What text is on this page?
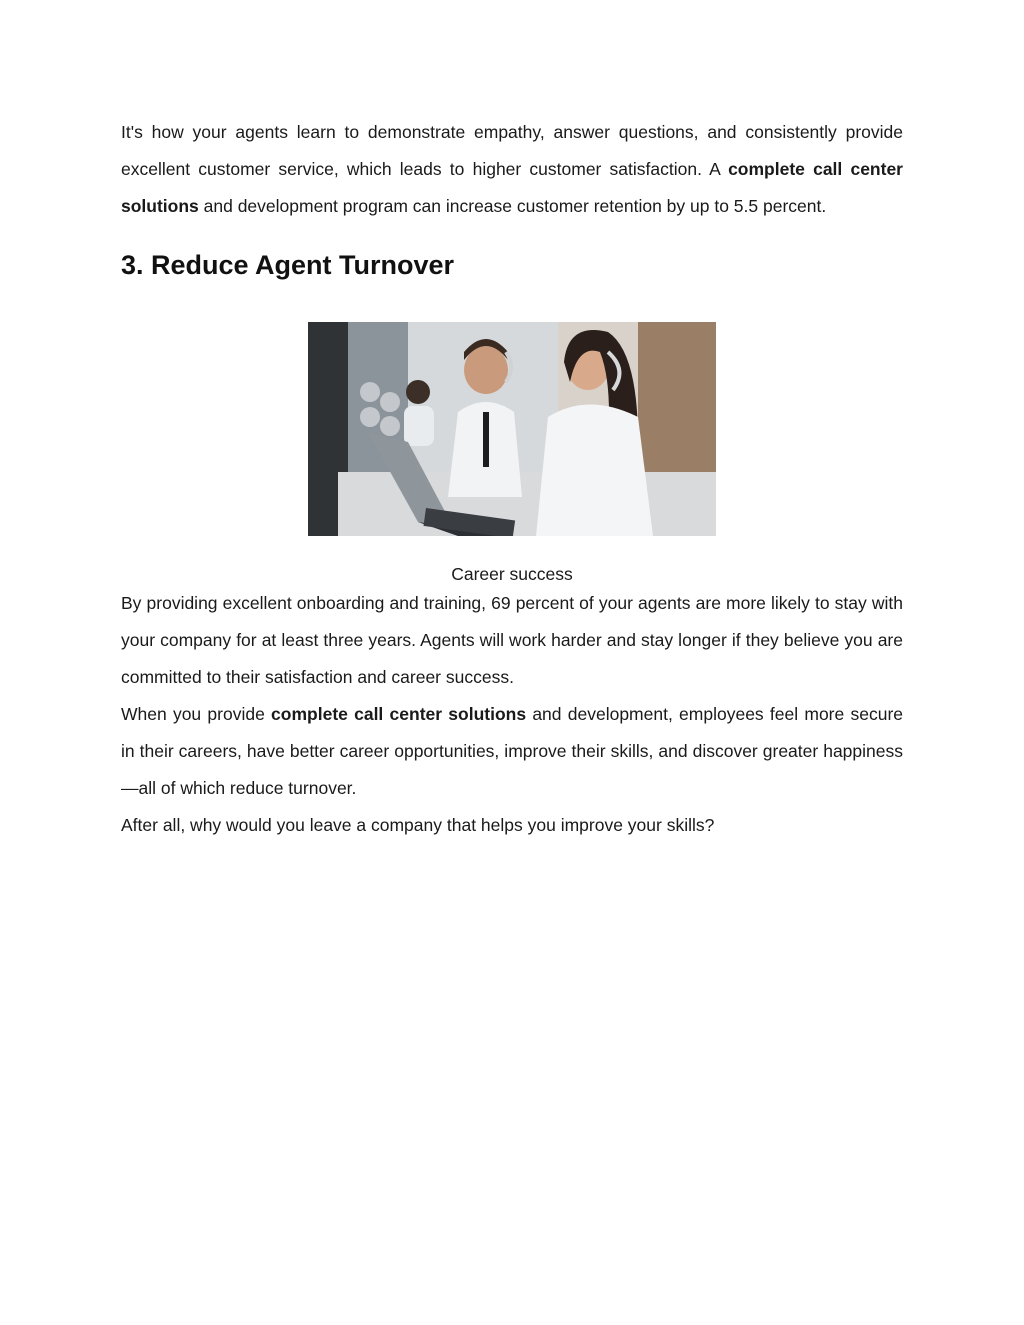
It's how your agents learn to demonstrate empathy, answer questions, and consistently provide excellent customer service, which leads to higher customer satisfaction. A complete call center solutions and development program can increase customer retention by up to 5.5 percent.

3. Reduce Agent Turnover
Career success

By providing excellent onboarding and training, 69 percent of your agents are more likely to stay with your company for at least three years. Agents will work harder and stay longer if they believe you are committed to their satisfaction and career success.

When you provide complete call center solutions and development, employees feel more secure in their careers, have better career opportunities, improve their skills, and discover greater happiness—all of which reduce turnover.

After all, why would you leave a company that helps you improve your skills?
